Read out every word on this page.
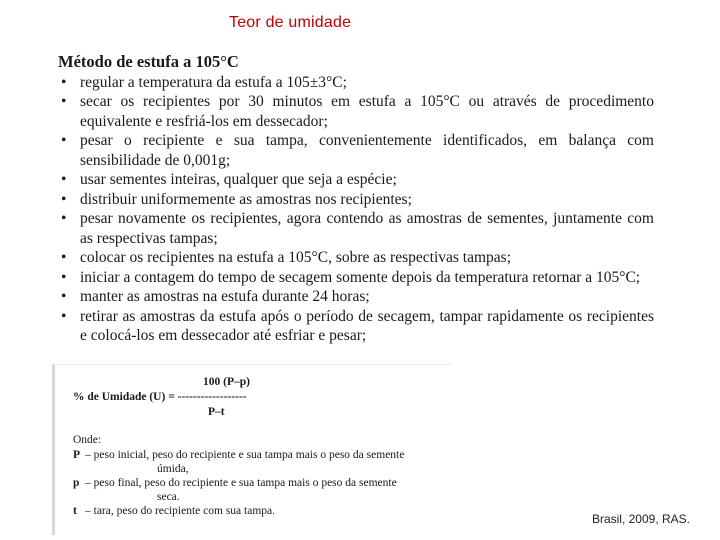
Teor de umidade
Método de estufa a 105°C
• regular a temperatura da estufa a 105±3°C;
• secar os recipientes por 30 minutos em estufa a 105°C ou através de procedimento equivalente e resfriá-los em dessecador;
• pesar o recipiente e sua tampa, convenientemente identificados, em balança com sensibilidade de 0,001g;
• usar sementes inteiras, qualquer que seja a espécie;
• distribuir uniformemente as amostras nos recipientes;
• pesar novamente os recipientes, agora contendo as amostras de sementes, juntamente com as respectivas tampas;
• colocar os recipientes na estufa a 105°C, sobre as respectivas tampas;
• iniciar a contagem do tempo de secagem somente depois da temperatura retornar a 105°C;
• manter as amostras na estufa durante 24 horas;
• retirar as amostras da estufa após o período de secagem, tampar rapidamente os recipientes e colocá-los em dessecador até esfriar e pesar;
100 (P–p)
% de Umidade (U) = ------------------
P–t
Onde:
P – peso inicial, peso do recipiente e sua tampa mais o peso da semente
úmida,
p – peso final, peso do recipiente e sua tampa mais o peso da semente
seca.
t – tara, peso do recipiente com sua tampa.
Brasil, 2009, RAS.
